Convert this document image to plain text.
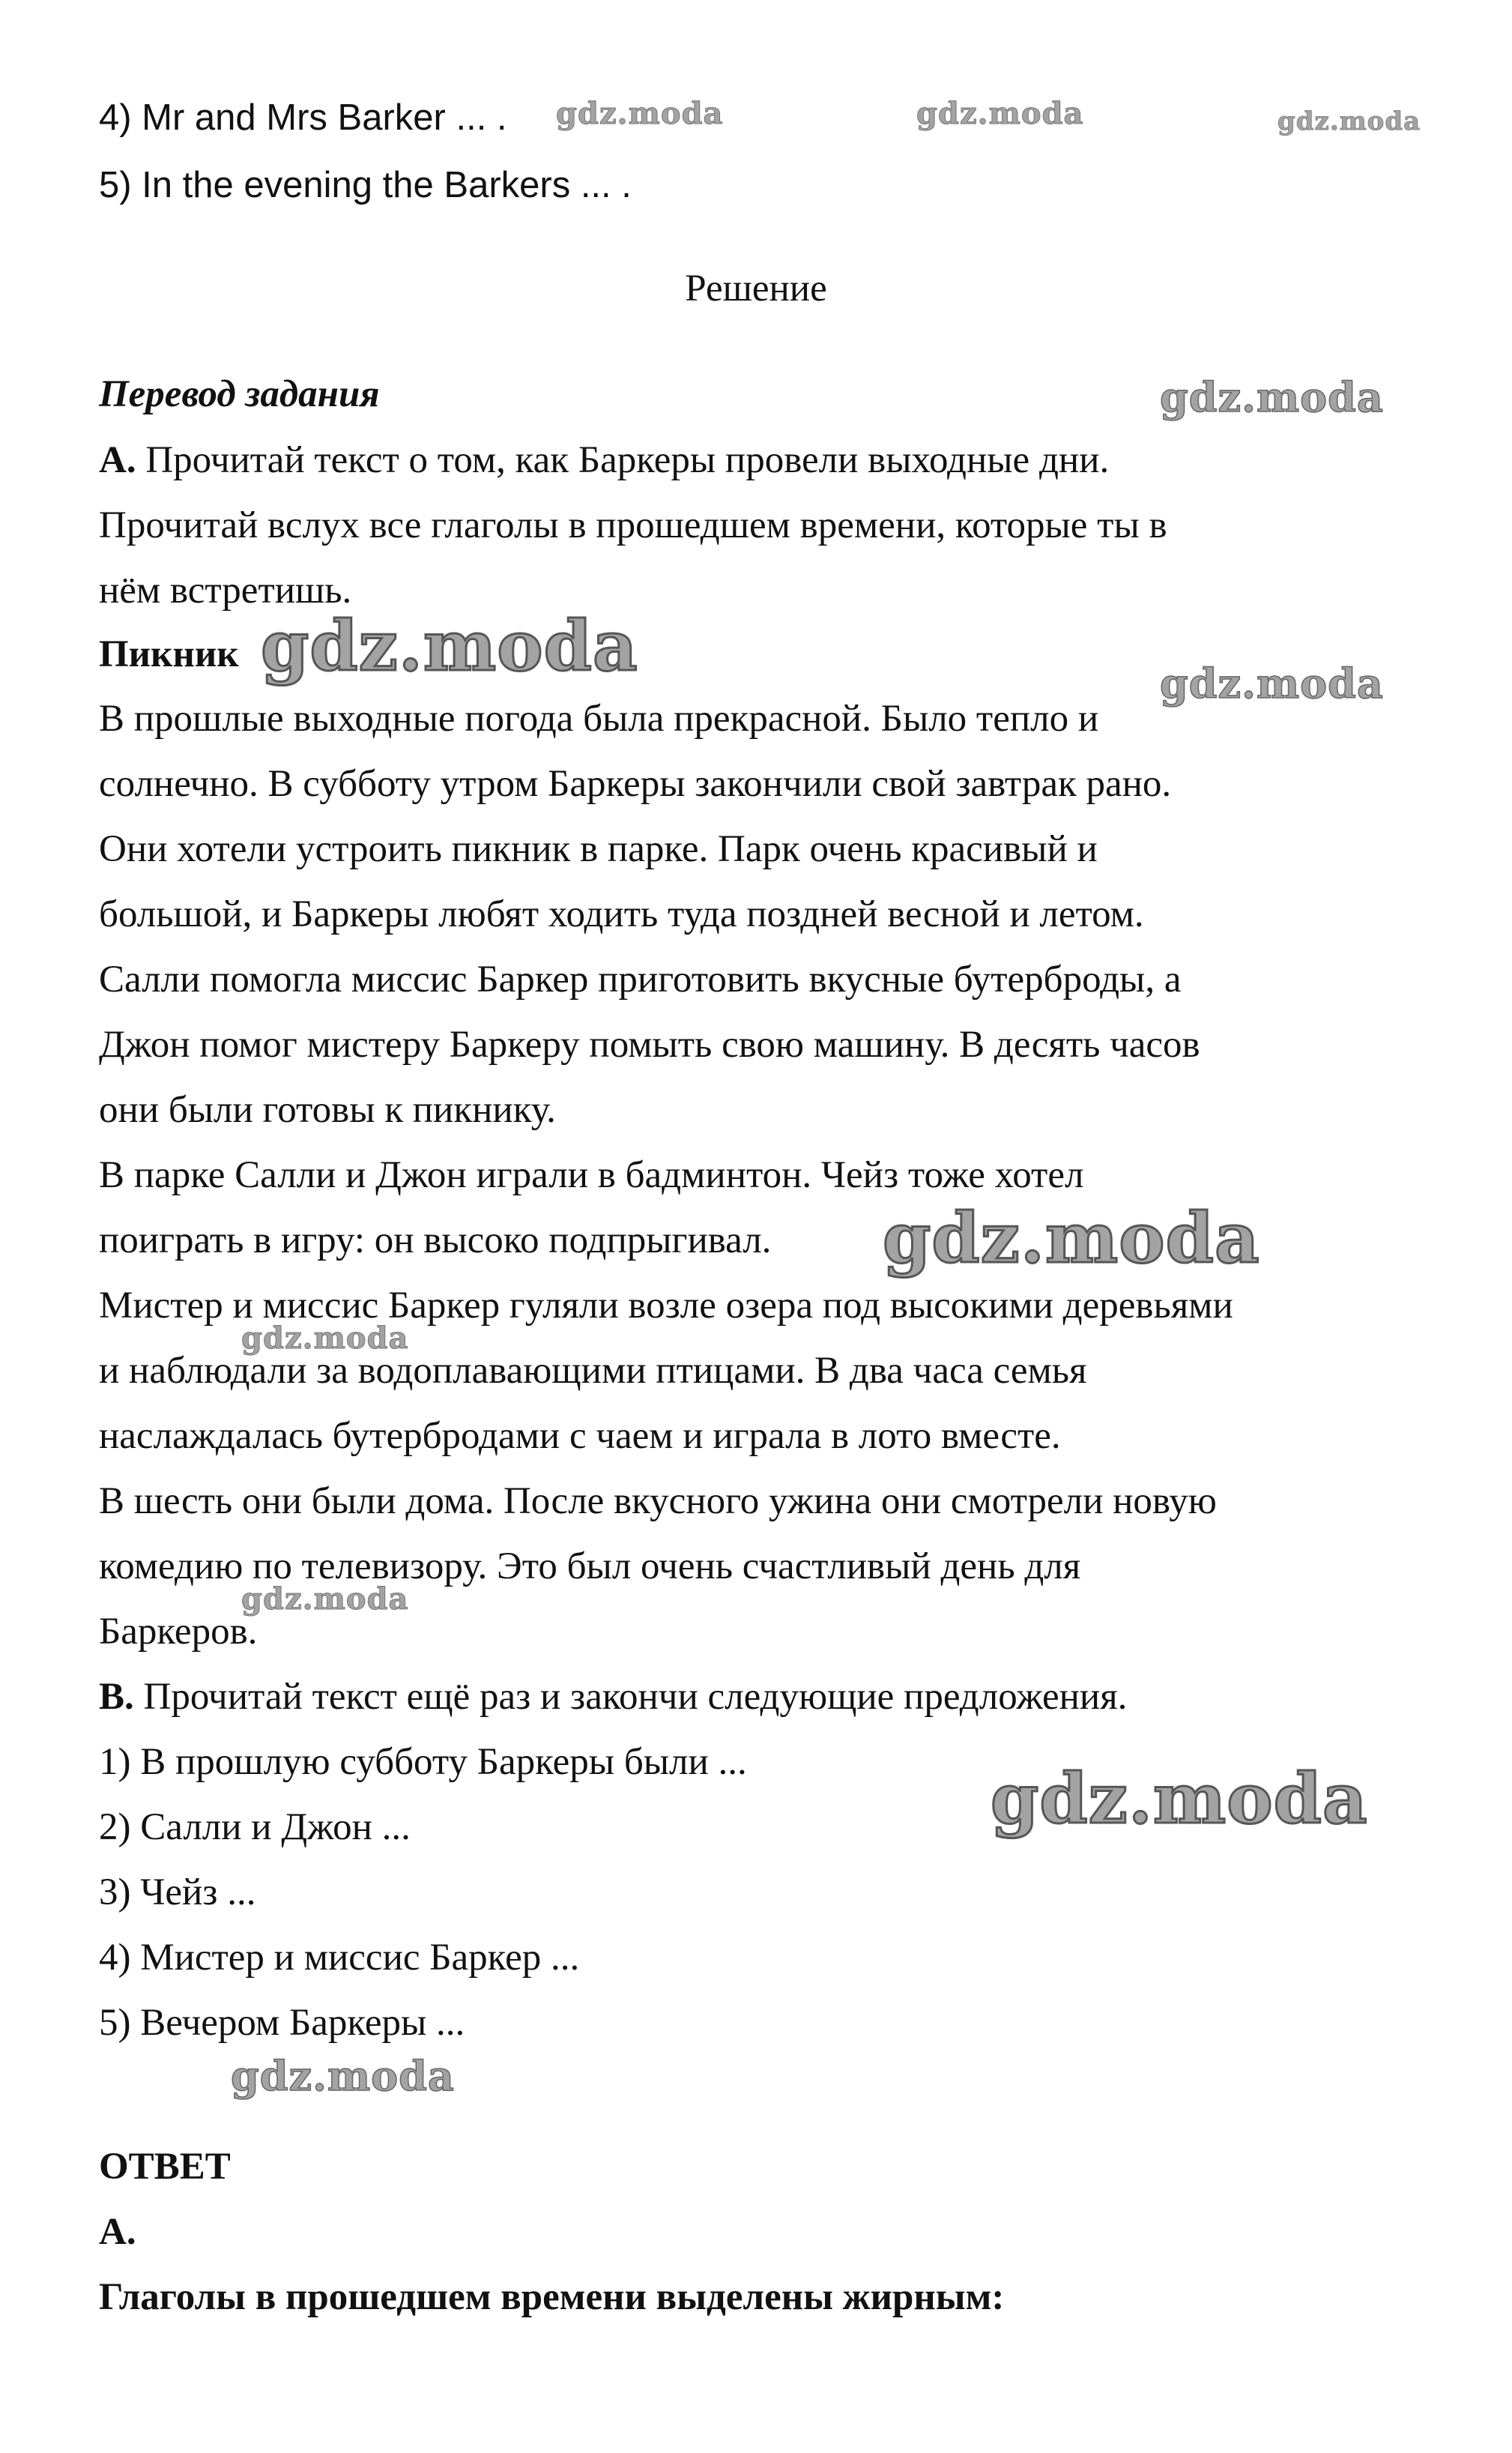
4) Mr and Mrs Barker ... .
5) In the evening the Barkers ... .
Решение
Перевод задания
A. Прочитай текст о том, как Баркеры провели выходные дни.
Прочитай вслух все глаголы в прошедшем времени, которые ты в
нём встретишь.
Пикник
В прошлые выходные погода была прекрасной. Было тепло и
солнечно. В субботу утром Баркеры закончили свой завтрак рано.
Они хотели устроить пикник в парке. Парк очень красивый и
большой, и Баркеры любят ходить туда поздней весной и летом.
Салли помогла миссис Баркер приготовить вкусные бутерброды, а
Джон помог мистеру Баркеру помыть свою машину. В десять часов
они были готовы к пикнику.
В парке Салли и Джон играли в бадминтон. Чейз тоже хотел
поиграть в игру: он высоко подпрыгивал.
Мистер и миссис Баркер гуляли возле озера под высокими деревьями
и наблюдали за водоплавающими птицами. В два часа семья
наслаждалась бутербродами с чаем и играла в лото вместе.
В шесть они были дома. После вкусного ужина они смотрели новую
комедию по телевизору. Это был очень счастливый день для
Баркеров.
B. Прочитай текст ещё раз и закончи следующие предложения.
1) В прошлую субботу Баркеры были ...
2) Салли и Джон ...
3) Чейз ...
4) Мистер и миссис Баркер ...
5) Вечером Баркеры ...
ОТВЕТ
A.
Глаголы в прошедшем времени выделены жирным:
gdz.moda	gdz.moda	gdz.moda
gdz.moda
gdz.moda	gdz.moda
gdz.moda
gdz.moda
gdz.moda
gdz.moda
gdz.moda
